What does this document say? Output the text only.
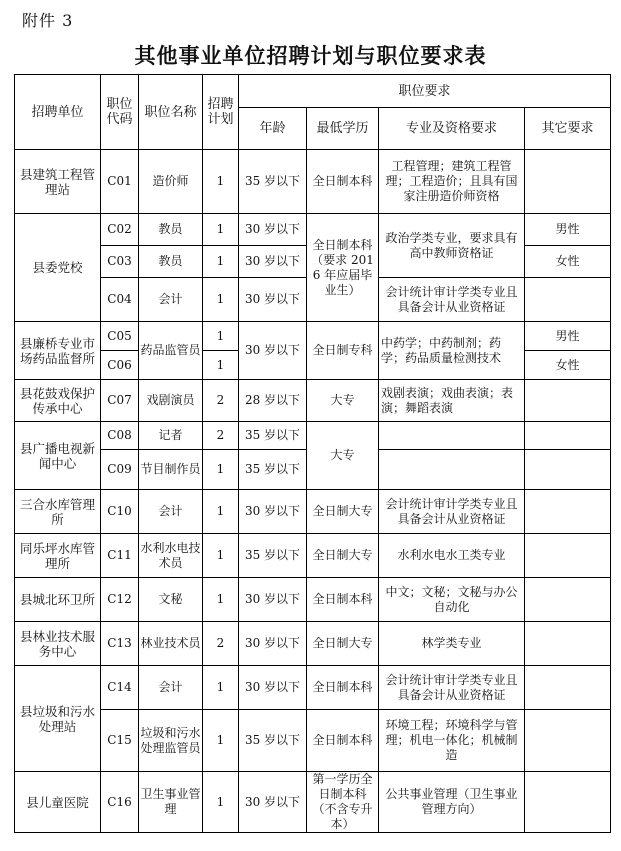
附件 3
其他事业单位招聘计划与职位要求表
招聘单位	职位代码	职位名称	招聘计划	职位要求			
				年龄	最低学历	专业及资格要求	其它要求
县建筑工程管理站	C01	造价师	1	35 岁以下	全日制本科	工程管理；建筑工程管理；工程造价；且具有国家注册造价师资格	
县委党校	C02	教员	1	30 岁以下	全日制本科（要求 2016 年应届毕业生）	政治学类专业，要求具有高中教师资格证	男性
	C03	教员	1	30 岁以下			女性
	C04	会计	1	30 岁以下		会计统计审计学类专业且具备会计从业资格证	
县廉桥专业市场药品监督所	C05	药品监管员	1	30 岁以下	全日制专科	中药学；中药制剂；药学；药品质量检测技术	男性
	C06		1				女性
县花鼓戏保护传承中心	C07	戏剧演员	2	28 岁以下	大专	戏剧表演；戏曲表演；表演；舞蹈表演	
县广播电视新闻中心	C08	记者	2	35 岁以下	大专		
	C09	节目制作员	1	35 岁以下			
三合水库管理所	C10	会计	1	30 岁以下	全日制大专	会计统计审计学类专业且具备会计从业资格证	
同乐坪水库管理所	C11	水利水电技术员	1	35 岁以下	全日制大专	水利水电水工类专业	
县城北环卫所	C12	文秘	1	30 岁以下	全日制本科	中文；文秘；文秘与办公自动化	
县林业技术服务中心	C13	林业技术员	2	30 岁以下	全日制大专	林学类专业	
县垃圾和污水处理站	C14	会计	1	30 岁以下	全日制本科	会计统计审计学类专业且具备会计从业资格证	
	C15	垃圾和污水处理监管员	1	35 岁以下	全日制本科	环境工程；环境科学与管理；机电一体化；机械制造	
县儿童医院	C16	卫生事业管理	1	30 岁以下	第一学历全日制本科（不含专升本）	公共事业管理（卫生事业管理方向）	
